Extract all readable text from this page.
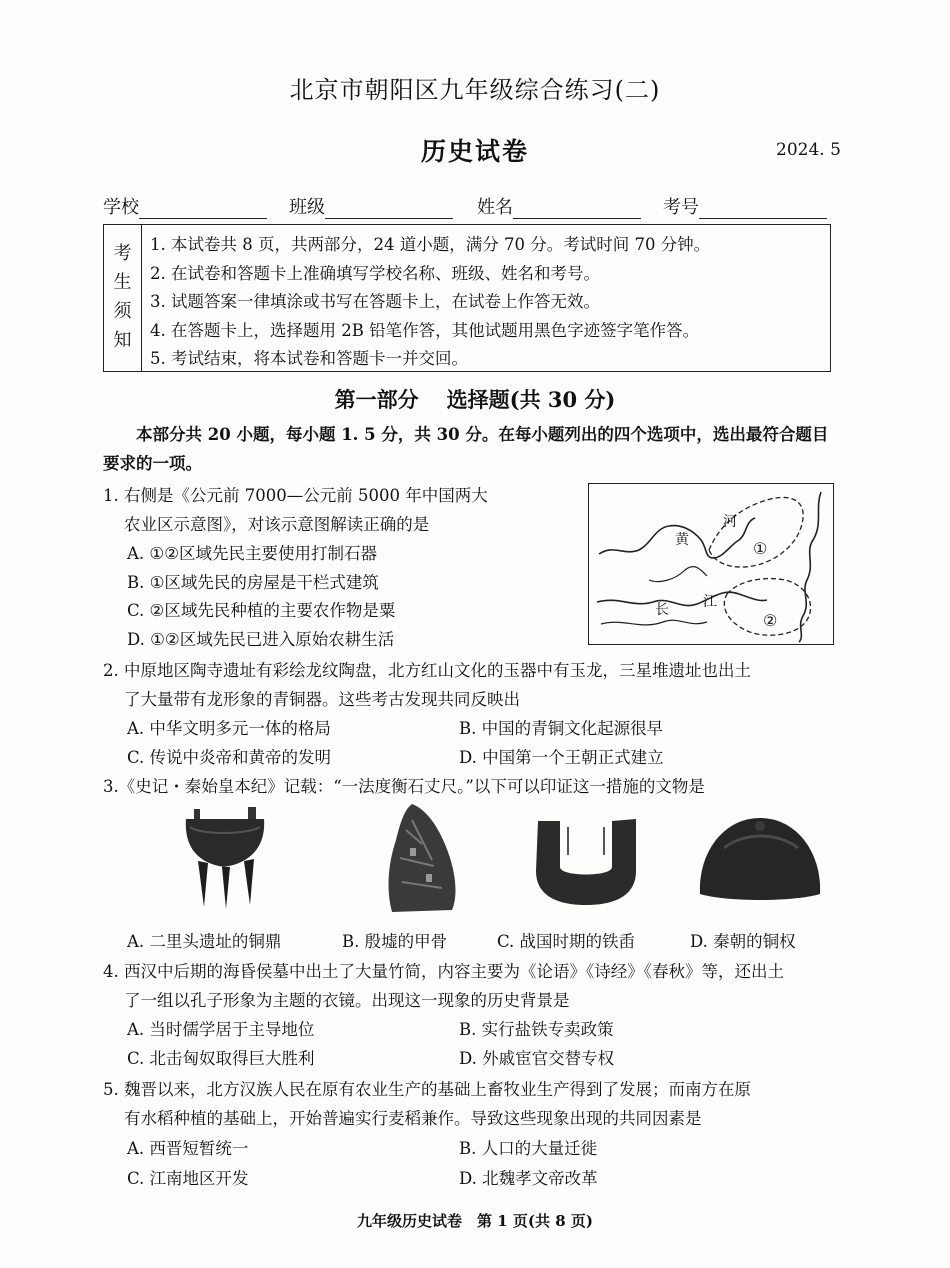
北京市朝阳区九年级综合练习(二)
历史试卷	2024. 5
学校	班级	姓名	考号
考
生
须
知
1. 本试卷共 8 页，共两部分，24 道小题，满分 70 分。考试时间 70 分钟。
2. 在试卷和答题卡上准确填写学校名称、班级、姓名和考号。
3. 试题答案一律填涂或书写在答题卡上，在试卷上作答无效。
4. 在答题卡上，选择题用 2B 铅笔作答，其他试题用黑色字迹签字笔作答。
5. 考试结束，将本试卷和答题卡一并交回。
第一部分 选择题(共 30 分)
本部分共 20 小题，每小题 1. 5 分，共 30 分。在每小题列出的四个选项中，选出最符合题目要求的一项。
1. 右侧是《公元前 7000—公元前 5000 年中国两大
农业区示意图》，对该示意图解读正确的是
A. ①②区域先民主要使用打制石器
B. ①区域先民的房屋是干栏式建筑
C. ②区域先民种植的主要农作物是粟
D. ①②区域先民已进入原始农耕生活
黄
河
长 江
①
②
2. 中原地区陶寺遗址有彩绘龙纹陶盘，北方红山文化的玉器中有玉龙，三星堆遗址也出土
了大量带有龙形象的青铜器。这些考古发现共同反映出
A. 中华文明多元一体的格局	B. 中国的青铜文化起源很早
C. 传说中炎帝和黄帝的发明	D. 中国第一个王朝正式建立
3.《史记・秦始皇本纪》记载：“一法度衡石丈尺。”以下可以印证这一措施的文物是
A. 二里头遗址的铜鼎	B. 殷墟的甲骨	C. 战国时期的铁臿	D. 秦朝的铜权
4. 西汉中后期的海昏侯墓中出土了大量竹简，内容主要为《论语》《诗经》《春秋》等，还出土
了一组以孔子形象为主题的衣镜。出现这一现象的历史背景是
A. 当时儒学居于主导地位	B. 实行盐铁专卖政策
C. 北击匈奴取得巨大胜利	D. 外戚宦官交替专权
5. 魏晋以来，北方汉族人民在原有农业生产的基础上畜牧业生产得到了发展；而南方在原
有水稻种植的基础上，开始普遍实行麦稻兼作。导致这些现象出现的共同因素是
A. 西晋短暂统一	B. 人口的大量迁徙
C. 江南地区开发	D. 北魏孝文帝改革
九年级历史试卷　第 1 页(共 8 页)
